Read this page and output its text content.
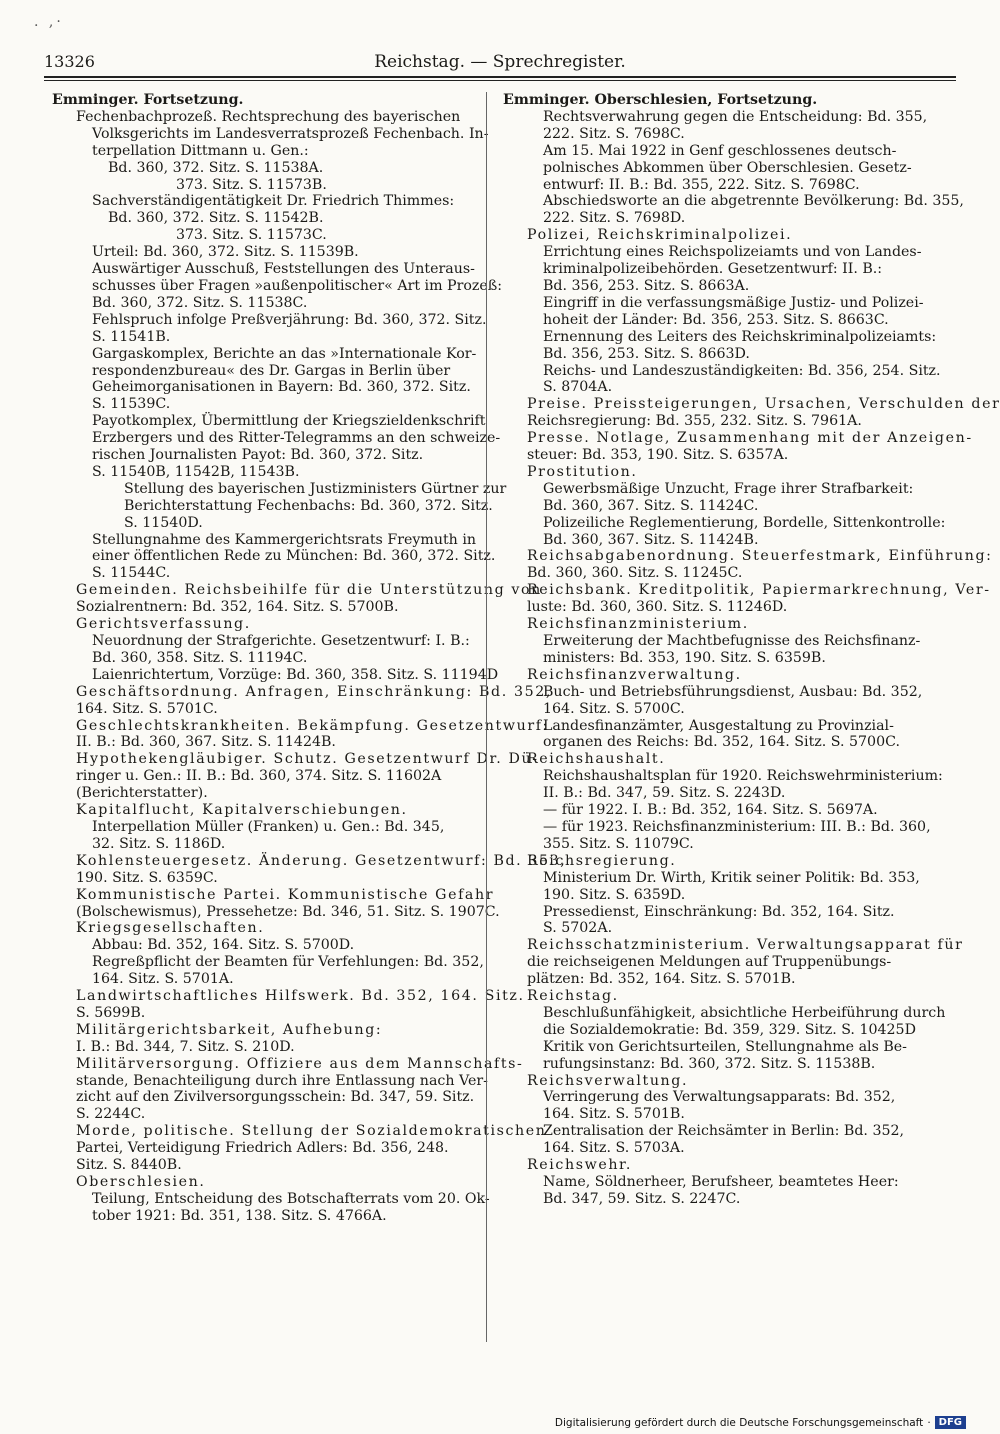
. ,·
13326	Reichstag. — Sprechregister.
Emminger. Fortsetzung.
Fechenbachprozeß. Rechtsprechung des bayerischen
Volksgerichts im Landesverratsprozeß Fechenbach. In-
terpellation Dittmann u. Gen.:
Bd. 360, 372. Sitz. S. 11538A.
373. Sitz. S. 11573B.
Sachverständigentätigkeit Dr. Friedrich Thimmes:
Bd. 360, 372. Sitz. S. 11542B.
373. Sitz. S. 11573C.
Urteil: Bd. 360, 372. Sitz. S. 11539B.
Auswärtiger Ausschuß, Feststellungen des Unteraus-
schusses über Fragen »außenpolitischer« Art im Prozeß:
Bd. 360, 372. Sitz. S. 11538C.
Fehlspruch infolge Preßverjährung: Bd. 360, 372. Sitz.
S. 11541B.
Gargaskomplex, Berichte an das »Internationale Kor-
respondenzbureau« des Dr. Gargas in Berlin über
Geheimorganisationen in Bayern: Bd. 360, 372. Sitz.
S. 11539C.
Payotkomplex, Übermittlung der Kriegszieldenkschrift
Erzbergers und des Ritter-Telegramms an den schweize-
rischen Journalisten Payot: Bd. 360, 372. Sitz.
S. 11540B, 11542B, 11543B.
Stellung des bayerischen Justizministers Gürtner zur
Berichterstattung Fechenbachs: Bd. 360, 372. Sitz.
S. 11540D.
Stellungnahme des Kammergerichtsrats Freymuth in
einer öffentlichen Rede zu München: Bd. 360, 372. Sitz.
S. 11544C.
Gemeinden. Reichsbeihilfe für die Unterstützung von
Sozialrentnern: Bd. 352, 164. Sitz. S. 5700B.
Gerichtsverfassung.
Neuordnung der Strafgerichte. Gesetzentwurf: I. B.:
Bd. 360, 358. Sitz. S. 11194C.
Laienrichtertum, Vorzüge: Bd. 360, 358. Sitz. S. 11194D
Geschäftsordnung. Anfragen, Einschränkung: Bd. 352,
164. Sitz. S. 5701C.
Geschlechtskrankheiten. Bekämpfung. Gesetzentwurf:
II. B.: Bd. 360, 367. Sitz. S. 11424B.
Hypothekengläubiger. Schutz. Gesetzentwurf Dr. Dü-
ringer u. Gen.: II. B.: Bd. 360, 374. Sitz. S. 11602A
(Berichterstatter).
Kapitalflucht, Kapitalverschiebungen.
Interpellation Müller (Franken) u. Gen.: Bd. 345,
32. Sitz. S. 1186D.
Kohlensteuergesetz. Änderung. Gesetzentwurf: Bd. 353,
190. Sitz. S. 6359C.
Kommunistische Partei. Kommunistische Gefahr
(Bolschewismus), Pressehetze: Bd. 346, 51. Sitz. S. 1907C.
Kriegsgesellschaften.
Abbau: Bd. 352, 164. Sitz. S. 5700D.
Regreßpflicht der Beamten für Verfehlungen: Bd. 352,
164. Sitz. S. 5701A.
Landwirtschaftliches Hilfswerk. Bd. 352, 164. Sitz.
S. 5699B.
Militärgerichtsbarkeit, Aufhebung:
I. B.: Bd. 344, 7. Sitz. S. 210D.
Militärversorgung. Offiziere aus dem Mannschafts-
stande, Benachteiligung durch ihre Entlassung nach Ver-
zicht auf den Zivilversorgungsschein: Bd. 347, 59. Sitz.
S. 2244C.
Morde, politische. Stellung der Sozialdemokratischen
Partei, Verteidigung Friedrich Adlers: Bd. 356, 248.
Sitz. S. 8440B.
Oberschlesien.
Teilung, Entscheidung des Botschafterrats vom 20. Ok-
tober 1921: Bd. 351, 138. Sitz. S. 4766A.
Emminger. Oberschlesien, Fortsetzung.
Rechtsverwahrung gegen die Entscheidung: Bd. 355,
222. Sitz. S. 7698C.
Am 15. Mai 1922 in Genf geschlossenes deutsch-
polnisches Abkommen über Oberschlesien. Gesetz-
entwurf: II. B.: Bd. 355, 222. Sitz. S. 7698C.
Abschiedsworte an die abgetrennte Bevölkerung: Bd. 355,
222. Sitz. S. 7698D.
Polizei, Reichskriminalpolizei.
Errichtung eines Reichspolizeiamts und von Landes-
kriminalpolizeibehörden. Gesetzentwurf: II. B.:
Bd. 356, 253. Sitz. S. 8663A.
Eingriff in die verfassungsmäßige Justiz- und Polizei-
hoheit der Länder: Bd. 356, 253. Sitz. S. 8663C.
Ernennung des Leiters des Reichskriminalpolizeiamts:
Bd. 356, 253. Sitz. S. 8663D.
Reichs- und Landeszuständigkeiten: Bd. 356, 254. Sitz.
S. 8704A.
Preise. Preissteigerungen, Ursachen, Verschulden der
Reichsregierung: Bd. 355, 232. Sitz. S. 7961A.
Presse. Notlage, Zusammenhang mit der Anzeigen-
steuer: Bd. 353, 190. Sitz. S. 6357A.
Prostitution.
Gewerbsmäßige Unzucht, Frage ihrer Strafbarkeit:
Bd. 360, 367. Sitz. S. 11424C.
Polizeiliche Reglementierung, Bordelle, Sittenkontrolle:
Bd. 360, 367. Sitz. S. 11424B.
Reichsabgabenordnung. Steuerfestmark, Einführung:
Bd. 360, 360. Sitz. S. 11245C.
Reichsbank. Kreditpolitik, Papiermarkrechnung, Ver-
luste: Bd. 360, 360. Sitz. S. 11246D.
Reichsfinanzministerium.
Erweiterung der Machtbefugnisse des Reichsfinanz-
ministers: Bd. 353, 190. Sitz. S. 6359B.
Reichsfinanzverwaltung.
Buch- und Betriebsführungsdienst, Ausbau: Bd. 352,
164. Sitz. S. 5700C.
Landesfinanzämter, Ausgestaltung zu Provinzial-
organen des Reichs: Bd. 352, 164. Sitz. S. 5700C.
Reichshaushalt.
Reichshaushaltsplan für 1920. Reichswehrministerium:
II. B.: Bd. 347, 59. Sitz. S. 2243D.
— für 1922. I. B.: Bd. 352, 164. Sitz. S. 5697A.
— für 1923. Reichsfinanzministerium: III. B.: Bd. 360,
355. Sitz. S. 11079C.
Reichsregierung.
Ministerium Dr. Wirth, Kritik seiner Politik: Bd. 353,
190. Sitz. S. 6359D.
Pressedienst, Einschränkung: Bd. 352, 164. Sitz.
S. 5702A.
Reichsschatzministerium. Verwaltungsapparat für
die reichseigenen Meldungen auf Truppenübungs-
plätzen: Bd. 352, 164. Sitz. S. 5701B.
Reichstag.
Beschlußunfähigkeit, absichtliche Herbeiführung durch
die Sozialdemokratie: Bd. 359, 329. Sitz. S. 10425D
Kritik von Gerichtsurteilen, Stellungnahme als Be-
rufungsinstanz: Bd. 360, 372. Sitz. S. 11538B.
Reichsverwaltung.
Verringerung des Verwaltungsapparats: Bd. 352,
164. Sitz. S. 5701B.
Zentralisation der Reichsämter in Berlin: Bd. 352,
164. Sitz. S. 5703A.
Reichswehr.
Name, Söldnerheer, Berufsheer, beamtetes Heer:
Bd. 347, 59. Sitz. S. 2247C.
Digitalisierung gefördert durch die Deutsche Forschungsgemeinschaft · DFG
